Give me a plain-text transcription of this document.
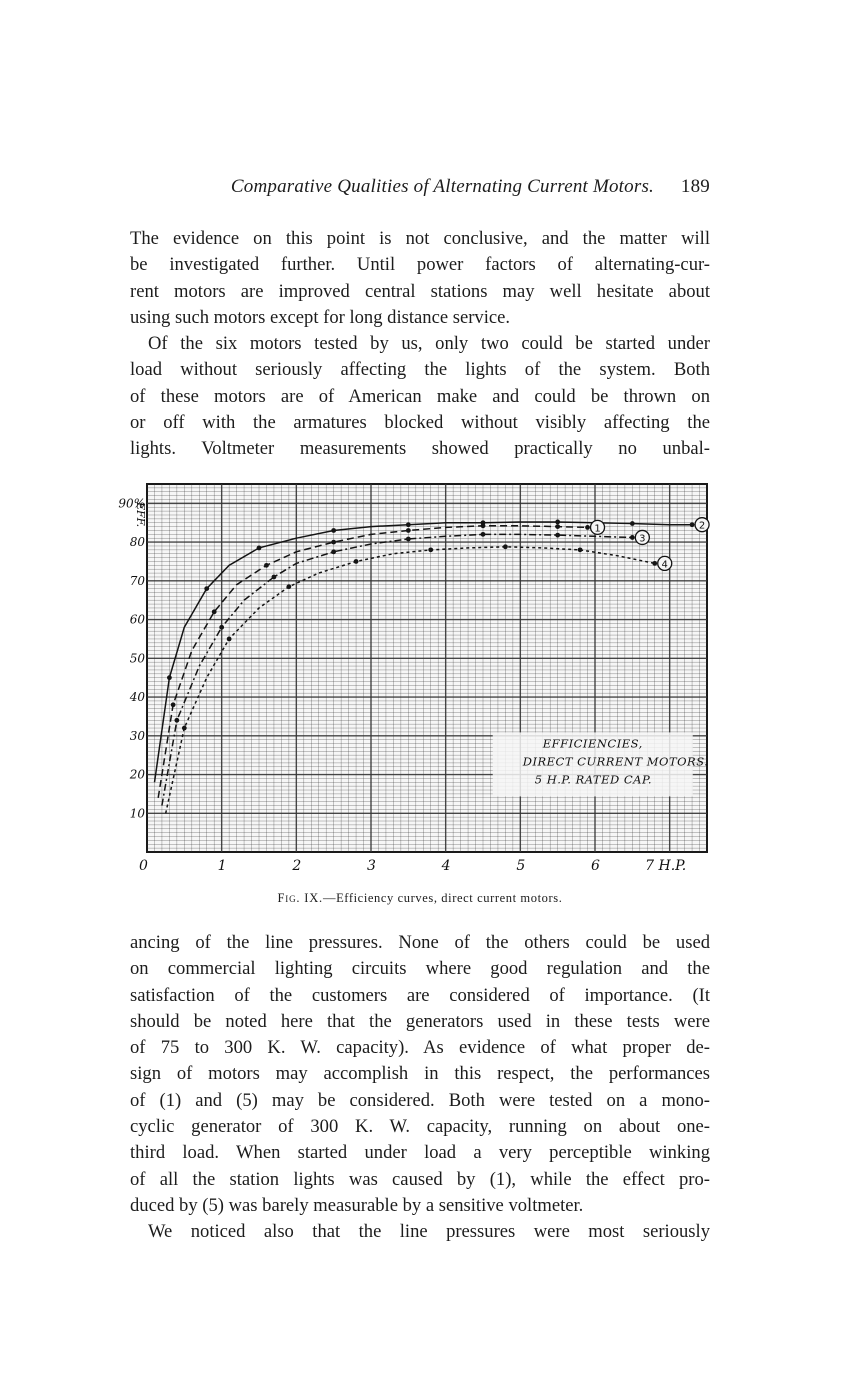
Comparative Qualities of Alternating Current Motors. 189
The evidence on this point is not conclusive, and the matter will
be investigated further. Until power factors of alternating-cur-
rent motors are improved central stations may well hesitate about
using such motors except for long distance service.
Of the six motors tested by us, only two could be started under
load without seriously affecting the lights of the system. Both
of these motors are of American make and could be thrown on
or off with the armatures blocked without visibly affecting the
lights. Voltmeter measurements showed practically no unbal-
EFF.
10
20
30
40
50
60
70
80
90%
0	1	2	3	4	5	6	7 H.P.
2
1
3
4
EFFICIENCIES,
DIRECT CURRENT MOTORS.
5 H.P. RATED CAP.
Fig. IX.—Efficiency curves, direct current motors.
ancing of the line pressures. None of the others could be used
on commercial lighting circuits where good regulation and the
satisfaction of the customers are considered of importance. (It
should be noted here that the generators used in these tests were
of 75 to 300 K. W. capacity). As evidence of what proper de-
sign of motors may accomplish in this respect, the performances
of (1) and (5) may be considered. Both were tested on a mono-
cyclic generator of 300 K. W. capacity, running on about one-
third load. When started under load a very perceptible winking
of all the station lights was caused by (1), while the effect pro-
duced by (5) was barely measurable by a sensitive voltmeter.
We noticed also that the line pressures were most seriously
